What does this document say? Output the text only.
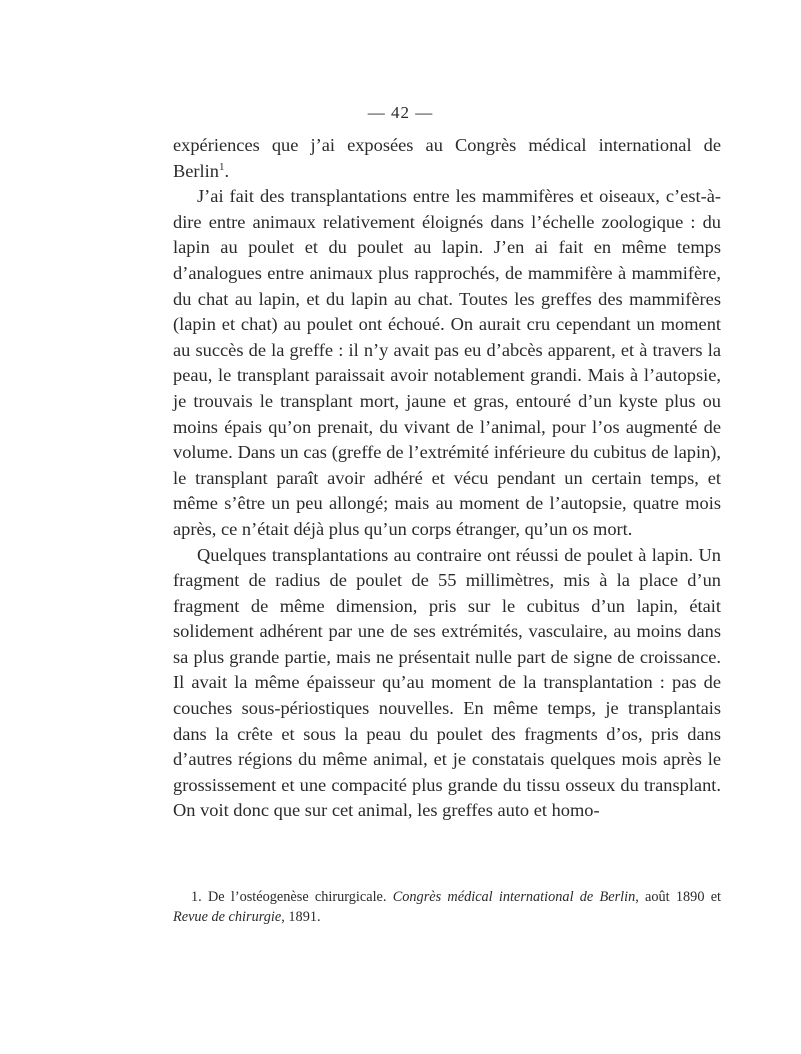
— 42 —

expériences que j’ai exposées au Congrès médical international de Berlin$^1$.

J’ai fait des transplantations entre les mammifères et oiseaux, c’est-à-dire entre animaux relativement éloignés dans l’échelle zoologique : du lapin au poulet et du poulet au lapin. J’en ai fait en même temps d’analogues entre animaux plus rapprochés, de mammifère à mammifère, du chat au lapin, et du lapin au chat. Toutes les greffes des mammifères (lapin et chat) au poulet ont échoué. On aurait cru cependant un moment au succès de la greffe : il n’y avait pas eu d’abcès apparent, et à travers la peau, le transplant paraissait avoir notablement grandi. Mais à l’autopsie, je trouvais le transplant mort, jaune et gras, entouré d’un kyste plus ou moins épais qu’on prenait, du vivant de l’animal, pour l’os augmenté de volume. Dans un cas (greffe de l’extrémité inférieure du cubitus de lapin), le transplant paraît avoir adhéré et vécu pendant un certain temps, et même s’être un peu allongé; mais au moment de l’autopsie, quatre mois après, ce n’était déjà plus qu’un corps étranger, qu’un os mort.

Quelques transplantations au contraire ont réussi de poulet à lapin. Un fragment de radius de poulet de 55 millimètres, mis à la place d’un fragment de même dimension, pris sur le cubitus d’un lapin, était solidement adhérent par une de ses extrémités, vasculaire, au moins dans sa plus grande partie, mais ne présentait nulle part de signe de croissance. Il avait la même épaisseur qu’au moment de la transplantation : pas de couches sous-périostiques nouvelles. En même temps, je transplantais dans la crête et sous la peau du poulet des fragments d’os, pris dans d’autres régions du même animal, et je constatais quelques mois après le grossissement et une compacité plus grande du tissu osseux du transplant. On voit donc que sur cet animal, les greffes auto et homo-

1. De l’ostéogenèse chirurgicale. Congrès médical international de Berlin, août 1890 et Revue de chirurgie, 1891.
